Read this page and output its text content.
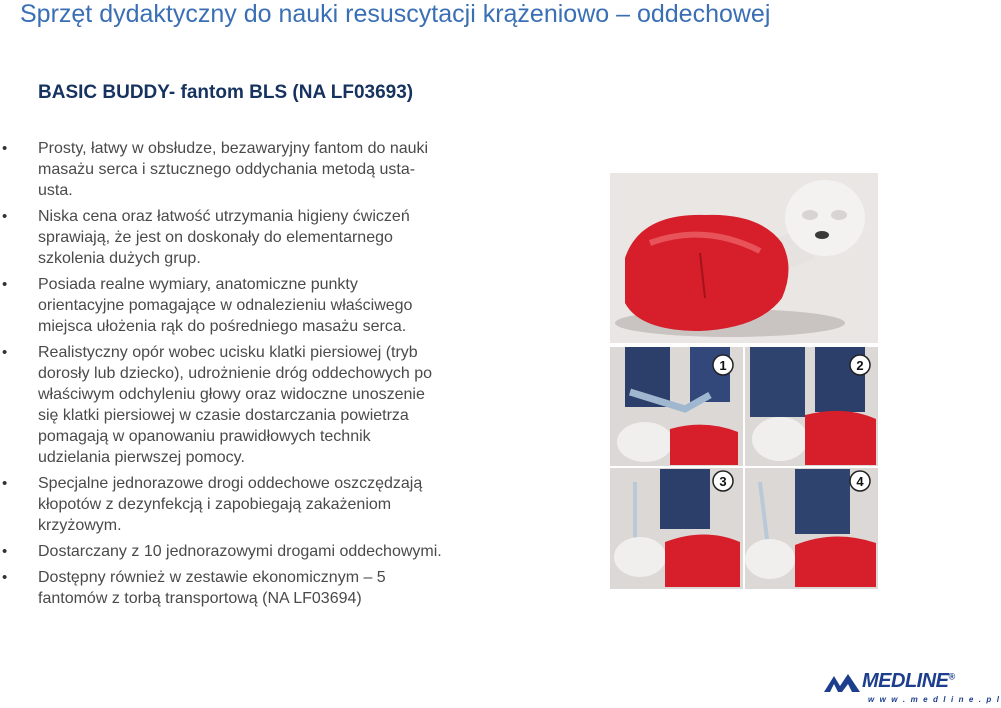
Sprzęt dydaktyczny do nauki resuscytacji krążeniowo – oddechowej
BASIC BUDDY- fantom BLS (NA LF03693)
• Prosty, łatwy w obsłudze, bezawaryjny fantom do nauki
masażu serca i sztucznego oddychania metodą usta-
usta.
• Niska cena oraz łatwość utrzymania higieny ćwiczeń
sprawiają, że jest on doskonały do elementarnego
szkolenia dużych grup.
• Posiada realne wymiary, anatomiczne punkty
orientacyjne pomagające w odnalezieniu właściwego
miejsca ułożenia rąk do pośredniego masażu serca.
• Realistyczny opór wobec ucisku klatki piersiowej (tryb
dorosły lub dziecko), udrożnienie dróg oddechowych po
właściwym odchyleniu głowy oraz widoczne unoszenie
się klatki piersiowej w czasie dostarczania powietrza
pomagają w opanowaniu prawidłowych technik
udzielania pierwszej pomocy.
• Specjalne jednorazowe drogi oddechowe oszczędzają
kłopotów z dezynfekcją i zapobiegają zakażeniom
krzyżowym.
• Dostarczany z 10 jednorazowymi drogami oddechowymi.
• Dostępny również w zestawie ekonomicznym – 5
fantomów z torbą transportową (NA LF03694)
1	2
3	4
MEDLINE®
w w w . m e d l i n e . p l
